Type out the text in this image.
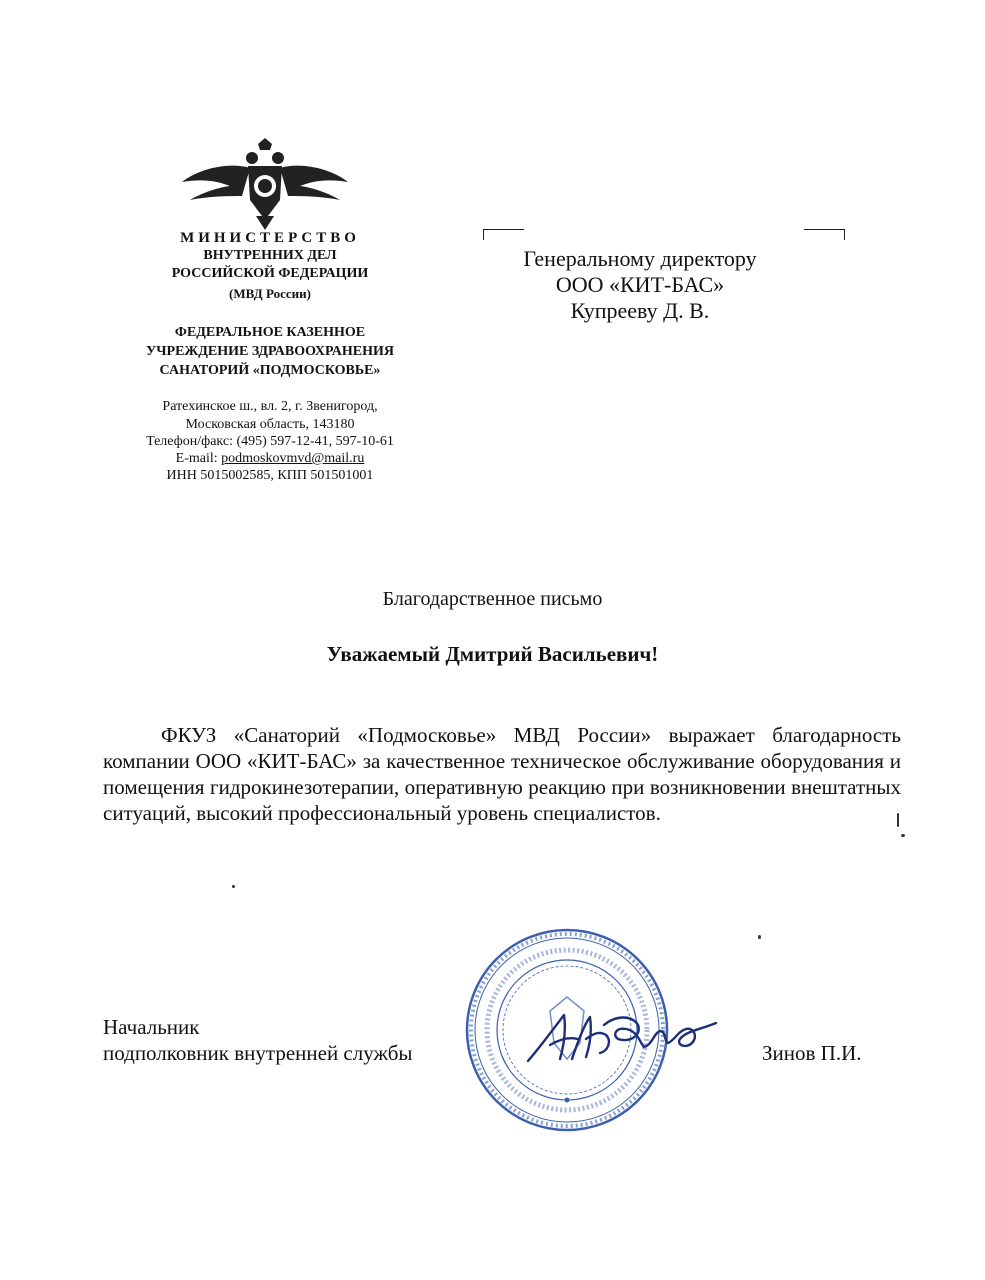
МИНИСТЕРСТВО
ВНУТРЕННИХ ДЕЛ
РОССИЙСКОЙ ФЕДЕРАЦИИ
(МВД России)
ФЕДЕРАЛЬНОЕ КАЗЕННОЕ
УЧРЕЖДЕНИЕ ЗДРАВООХРАНЕНИЯ
САНАТОРИЙ «ПОДМОСКОВЬЕ»
Ратехинское ш., вл. 2, г. Звенигород,
Московская область, 143180
Телефон/факс: (495) 597-12-41, 597-10-61
E-mail: podmoskovmvd@mail.ru
ИНН 5015002585, КПП 501501001
Генеральному директору
ООО «КИТ-БАС»
Купрееву Д. В.
Благодарственное письмо
Уважаемый Дмитрий Васильевич!
ФКУЗ «Санаторий «Подмосковье» МВД России» выражает благодарность компании ООО «КИТ-БАС» за качественное техническое обслуживание оборудования и помещения гидрокинезотерапии, оперативную реакцию при возникновении внештатных ситуаций, высокий профессиональный уровень специалистов.
Начальник
подполковник внутренней службы	Зинов П.И.
